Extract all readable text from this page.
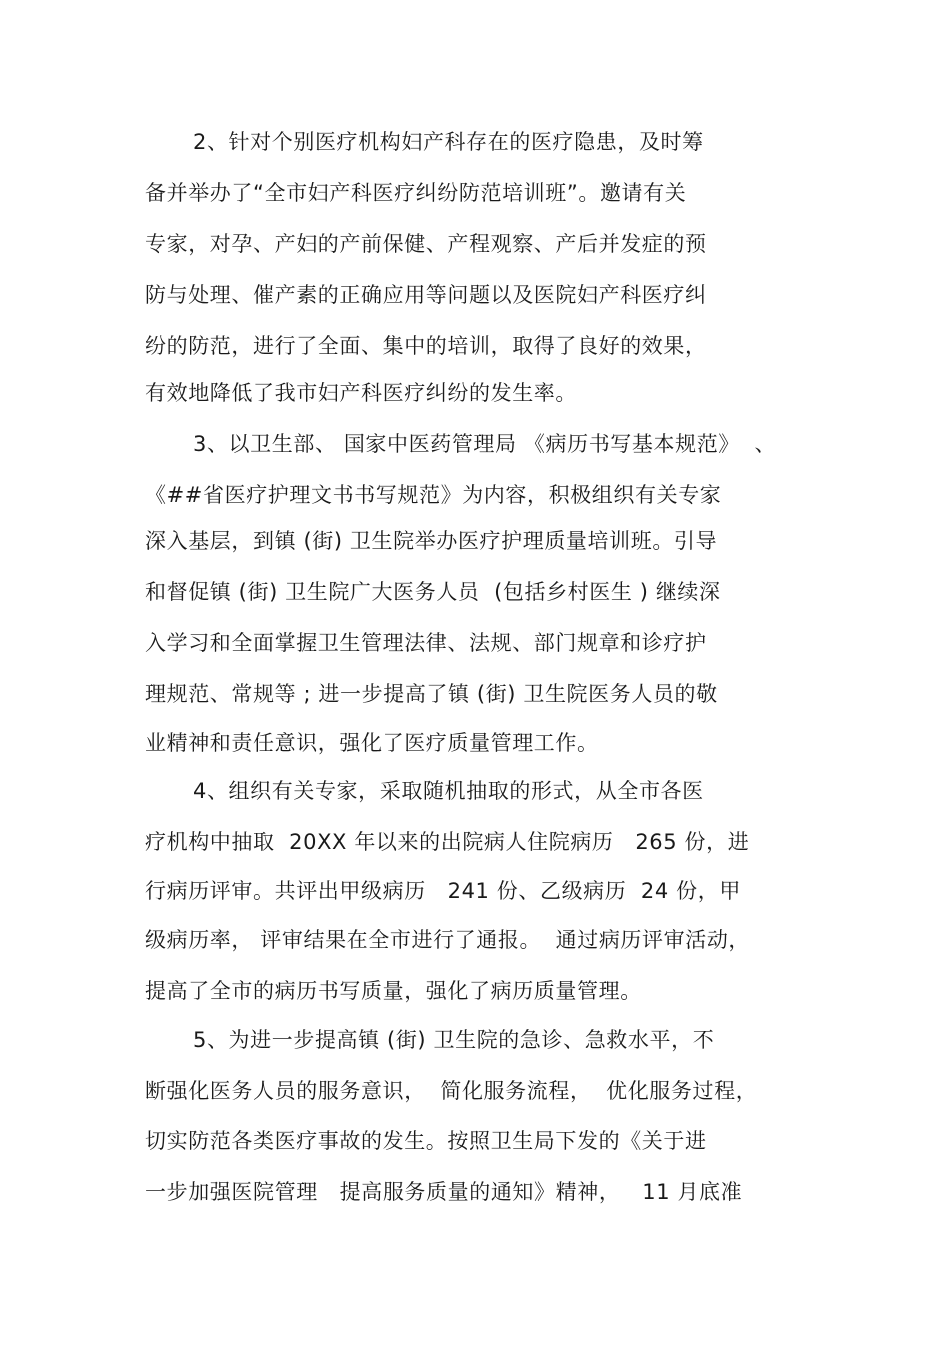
2、针对个别医疗机构妇产科存在的医疗隐患，及时筹
备并举办了“全市妇产科医疗纠纷防范培训班”。邀请有关
专家，对孕、产妇的产前保健、产程观察、产后并发症的预
防与处理、催产素的正确应用等问题以及医院妇产科医疗纠
纷的防范，进行了全面、集中的培训，取得了良好的效果，
有效地降低了我市妇产科医疗纠纷的发生率。
3、以卫生部、 国家中医药管理局 《病历书写基本规范》  、
《##省医疗护理文书书写规范》为内容，积极组织有关专家
深入基层，到镇 (街) 卫生院举办医疗护理质量培训班。引导
和督促镇 (街) 卫生院广大医务人员  (包括乡村医生 ) 继续深
入学习和全面掌握卫生管理法律、法规、部门规章和诊疗护
理规范、常规等 ; 进一步提高了镇 (街) 卫生院医务人员的敬
业精神和责任意识，强化了医疗质量管理工作。
4、组织有关专家，采取随机抽取的形式，从全市各医
疗机构中抽取  20XX 年以来的出院病人住院病历   265 份，进
行病历评审。共评出甲级病历   241 份、乙级病历  24 份，甲
级病历率， 评审结果在全市进行了通报。  通过病历评审活动，
提高了全市的病历书写质量，强化了病历质量管理。
5、为进一步提高镇 (街) 卫生院的急诊、急救水平，不
断强化医务人员的服务意识，  简化服务流程，  优化服务过程，
切实防范各类医疗事故的发生。按照卫生局下发的《关于进
一步加强医院管理   提高服务质量的通知》精神，   11 月底准
